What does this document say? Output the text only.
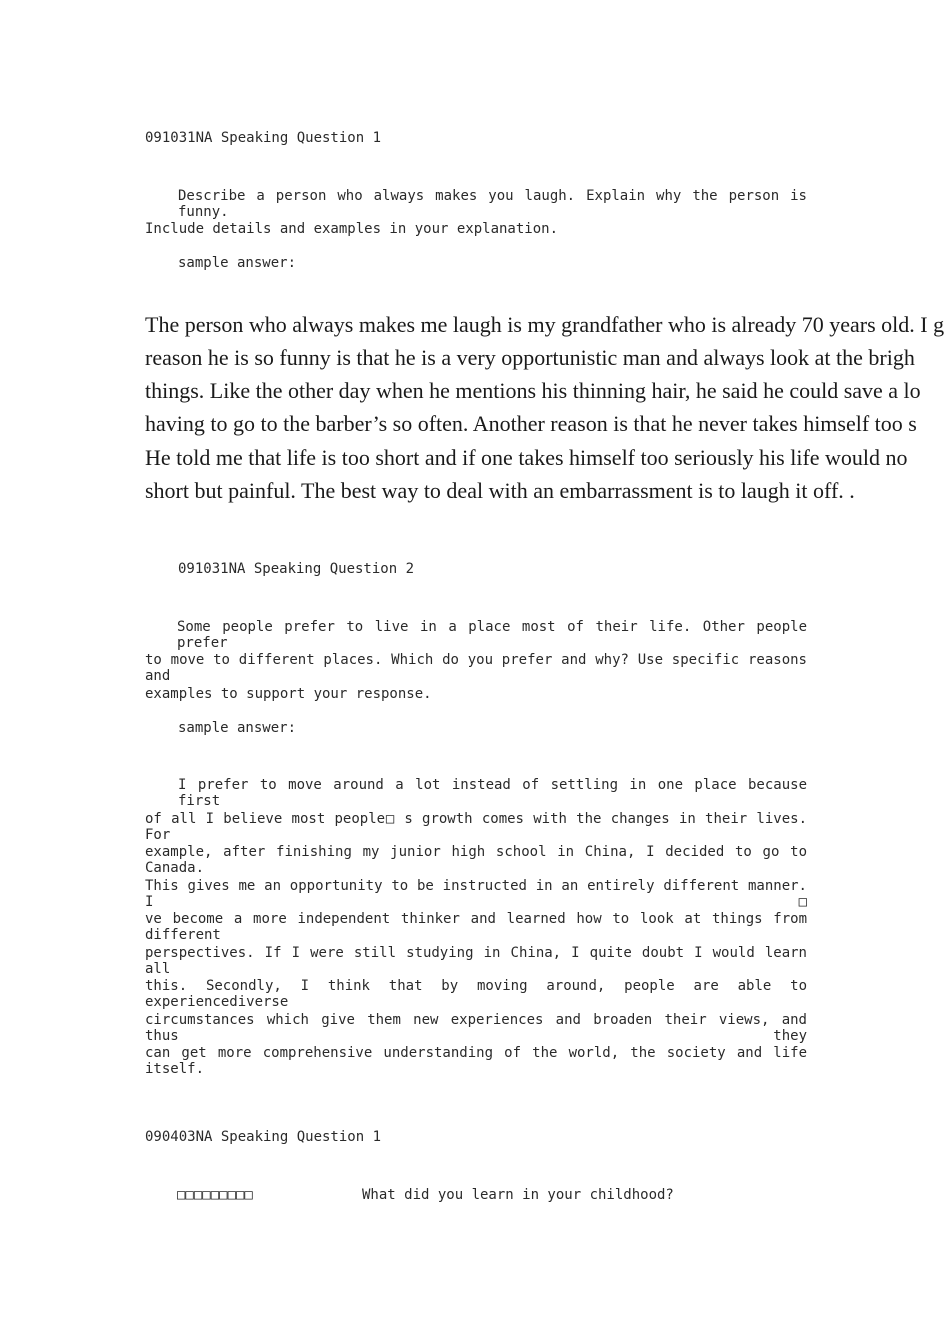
091031NA Speaking Question 1
Describe a person who always makes you laugh. Explain why the person is funny.
Include details and examples in your explanation.
sample answer:
The person who always makes me laugh is my grandfather who is already 70 years old. I g
reason he is so funny is that he is a very opportunistic man and always look at the brigh
things. Like the other day when he mentions his thinning hair, he said he could save a lo
having to go to the barber’s so often. Another reason is that he never takes himself too s
He told me that life is too short and if one takes himself too seriously his life would no
short but painful. The best way to deal with an embarrassment is to laugh it off. .
091031NA Speaking Question 2
Some people prefer to live in a place most of their life. Other people prefer
to move to different places. Which do you prefer and why? Use specific reasons and
examples to support your response.
sample answer:
I prefer to move around a lot instead of settling in one place because first
of all I believe most people□ s growth comes with the changes in their lives. For
example, after finishing my junior high school in China, I decided to go to Canada.
This gives me an opportunity to be instructed in an entirely different manner. I□
ve become a more independent thinker and learned how to look at things from different
perspectives. If I were still studying in China, I quite doubt I would learn all
this. Secondly, I think that by moving around, people are able to experiencediverse
circumstances which give them new experiences and broaden their views, and thus they
can get more comprehensive understanding of the world, the society and life itself.
090403NA Speaking Question 1
□□□□□□□□□	What did you learn in your childhood?
